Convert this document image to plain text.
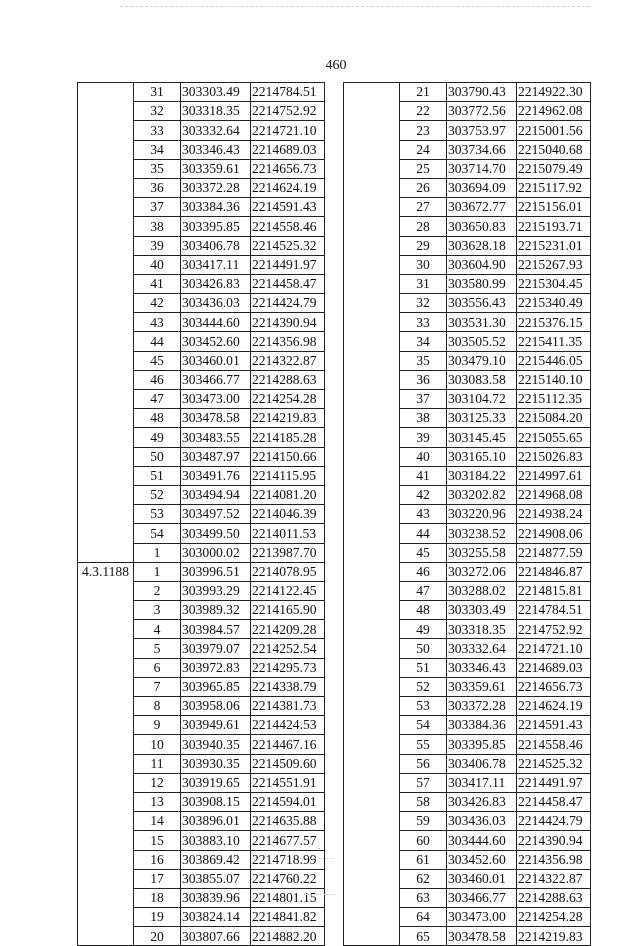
460
	31	303303.49	2214784.51
	32	303318.35	2214752.92
	33	303332.64	2214721.10
	34	303346.43	2214689.03
	35	303359.61	2214656.73
	36	303372.28	2214624.19
	37	303384.36	2214591.43
	38	303395.85	2214558.46
	39	303406.78	2214525.32
	40	303417.11	2214491.97
	41	303426.83	2214458.47
	42	303436.03	2214424.79
	43	303444.60	2214390.94
	44	303452.60	2214356.98
	45	303460.01	2214322.87
	46	303466.77	2214288.63
	47	303473.00	2214254.28
	48	303478.58	2214219.83
	49	303483.55	2214185.28
	50	303487.97	2214150.66
	51	303491.76	2214115.95
	52	303494.94	2214081.20
	53	303497.52	2214046.39
	54	303499.50	2214011.53
	1	303000.02	2213987.70
4.3.1188	1	303996.51	2214078.95
	2	303993.29	2214122.45
	3	303989.32	2214165.90
	4	303984.57	2214209.28
	5	303979.07	2214252.54
	6	303972.83	2214295.73
	7	303965.85	2214338.79
	8	303958.06	2214381.73
	9	303949.61	2214424.53
	10	303940.35	2214467.16
	11	303930.35	2214509.60
	12	303919.65	2214551.91
	13	303908.15	2214594.01
	14	303896.01	2214635.88
	15	303883.10	2214677.57
	16	303869.42	2214718.99
	17	303855.07	2214760.22
	18	303839.96	2214801.15
	19	303824.14	2214841.82
	20	303807.66	2214882.20
	21	303790.43	2214922.30
	22	303772.56	2214962.08
	23	303753.97	2215001.56
	24	303734.66	2215040.68
	25	303714.70	2215079.49
	26	303694.09	2215117.92
	27	303672.77	2215156.01
	28	303650.83	2215193.71
	29	303628.18	2215231.01
	30	303604.90	2215267.93
	31	303580.99	2215304.45
	32	303556.43	2215340.49
	33	303531.30	2215376.15
	34	303505.52	2215411.35
	35	303479.10	2215446.05
	36	303083.58	2215140.10
	37	303104.72	2215112.35
	38	303125.33	2215084.20
	39	303145.45	2215055.65
	40	303165.10	2215026.83
	41	303184.22	2214997.61
	42	303202.82	2214968.08
	43	303220.96	2214938.24
	44	303238.52	2214908.06
	45	303255.58	2214877.59
	46	303272.06	2214846.87
	47	303288.02	2214815.81
	48	303303.49	2214784.51
	49	303318.35	2214752.92
	50	303332.64	2214721.10
	51	303346.43	2214689.03
	52	303359.61	2214656.73
	53	303372.28	2214624.19
	54	303384.36	2214591.43
	55	303395.85	2214558.46
	56	303406.78	2214525.32
	57	303417.11	2214491.97
	58	303426.83	2214458.47
	59	303436.03	2214424.79
	60	303444.60	2214390.94
	61	303452.60	2214356.98
	62	303460.01	2214322.87
	63	303466.77	2214288.63
	64	303473.00	2214254.28
	65	303478.58	2214219.83
